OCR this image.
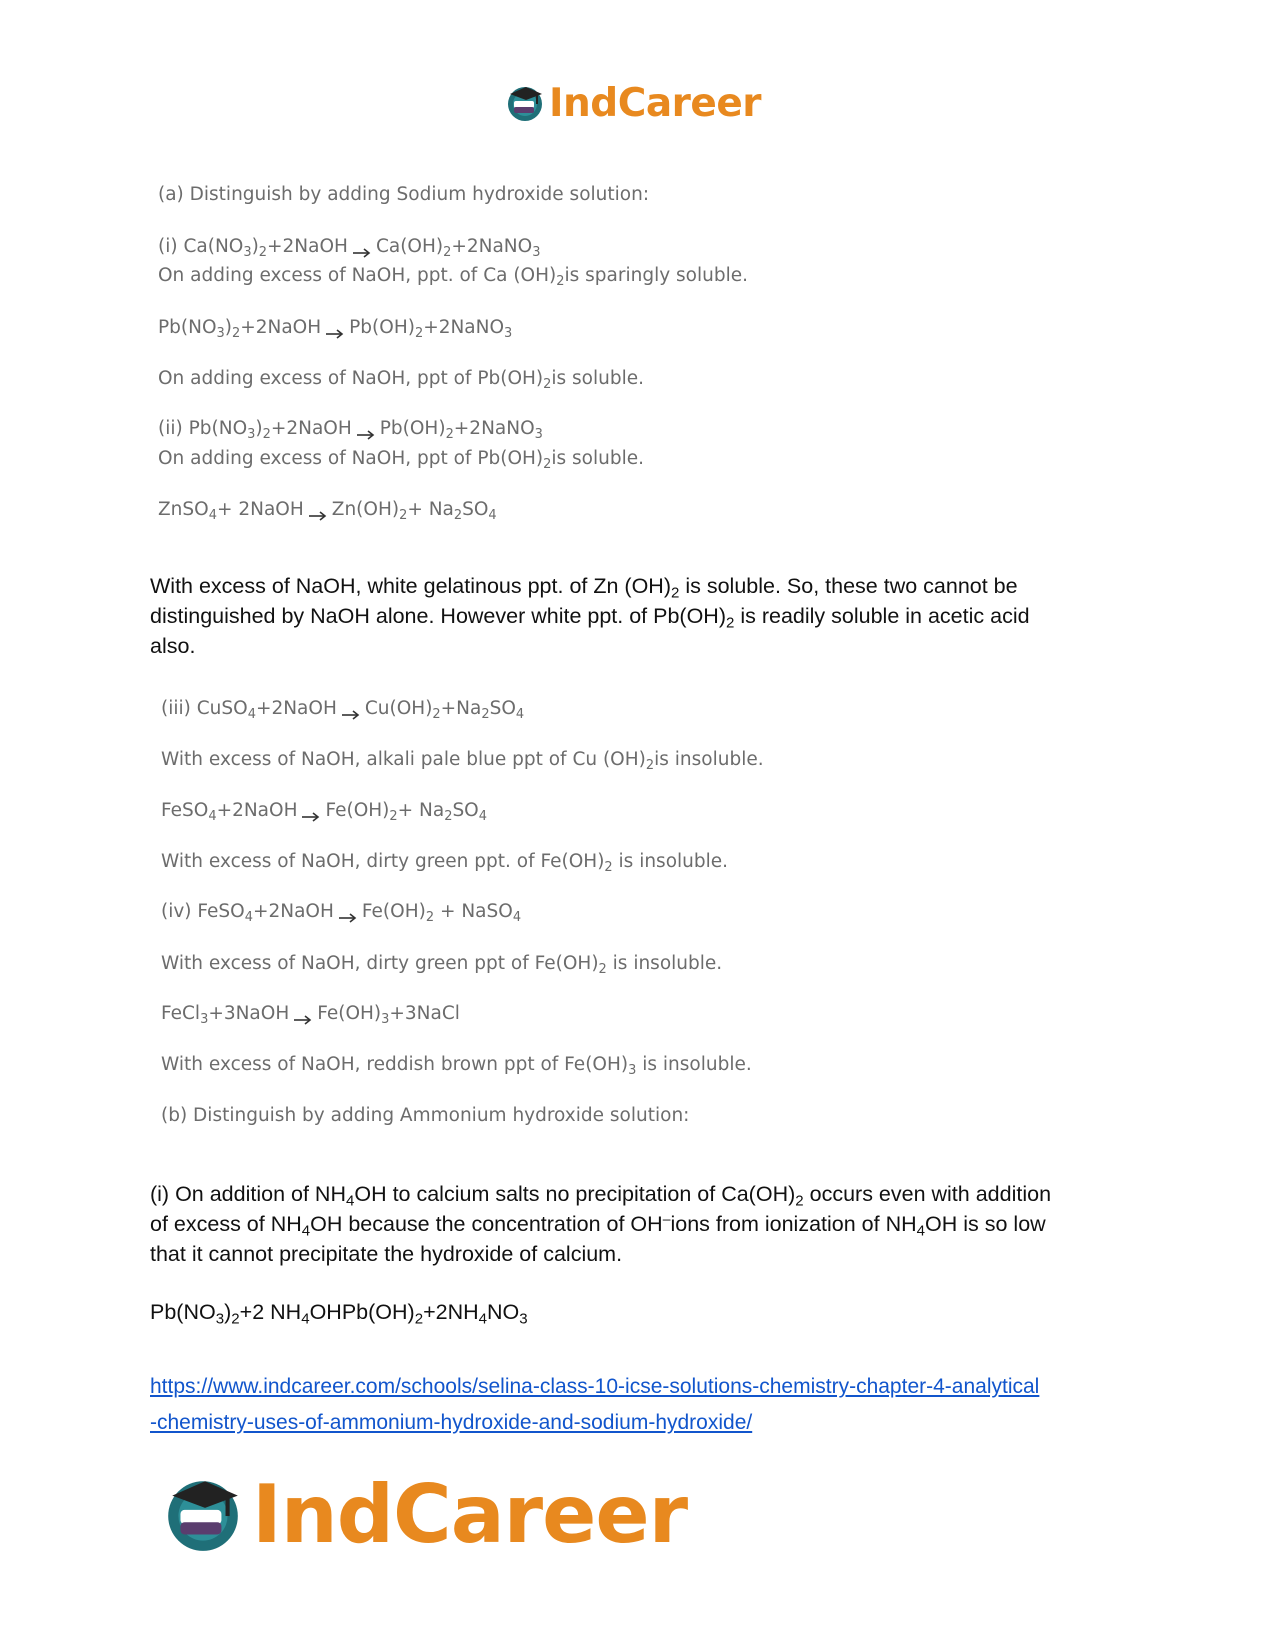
IndCareer

(a) Distinguish by adding Sodium hydroxide solution:

(i) $Ca(NO_3)_2+2NaOH$ $Ca(OH)_2+2NaNO_3$

On adding excess of NaOH, ppt. of Ca $(OH)_2is$ sparingly soluble.

$Pb(NO_3)_2+2NaOH$ $Pb(OH)_2+2NaNO_3$

On adding excess of NaOH, ppt of $Pb(OH)_2is$ soluble.

(ii) $Pb(NO_3)_2+2NaOH$ $Pb(OH)_2+2NaNO_3$

On adding excess of NaOH, ppt of $Pb(OH)_2is$ soluble.

ZnSO$_4$+ 2NaOH $Zn(OH)_2+ Na_2SO_4$

With excess of NaOH, white gelatinous ppt. of Zn $(OH)_2$ is soluble. So, these two cannot be
distinguished by NaOH alone. However white ppt. of $Pb(OH)_2$ is readily soluble in acetic acid
also.

(iii) CuSO$_4$+2NaOH $Cu(OH)_2+Na_2SO_4$

With excess of NaOH, alkali pale blue ppt of Cu $(OH)_2is$ insoluble.

FeSO$_4$+2NaOH $Fe(OH)_2+ Na_2SO_4$

With excess of NaOH, dirty green ppt. of $Fe(OH)_2$ is insoluble.

(iv) FeSO$_4$+2NaOH $Fe(OH)_2$ + NaSO$_4$

With excess of NaOH, dirty green ppt of $Fe(OH)_2$ is insoluble.

FeCl$_3$+3NaOH $Fe(OH)_3+3NaCl$

With excess of NaOH, reddish brown ppt of $Fe(OH)_3$ is insoluble.

(b) Distinguish by adding Ammonium hydroxide solution:

(i) On addition of $NH_4OH$ to calcium salts no precipitation of $Ca(OH)_2$ occurs even with addition
of excess of $NH_4OH$ because the concentration of OH–ions from ionization of $NH_4OH$ is so low
that it cannot precipitate the hydroxide of calcium.

$Pb(NO_3)_2+2$ $NH_4OHPb(OH)_2+2NH_4NO_3$

https://www.indcareer.com/schools/selina-class-10-icse-solutions-chemistry-chapter-4-analytical
-chemistry-uses-of-ammonium-hydroxide-and-sodium-hydroxide/
IndCareer
